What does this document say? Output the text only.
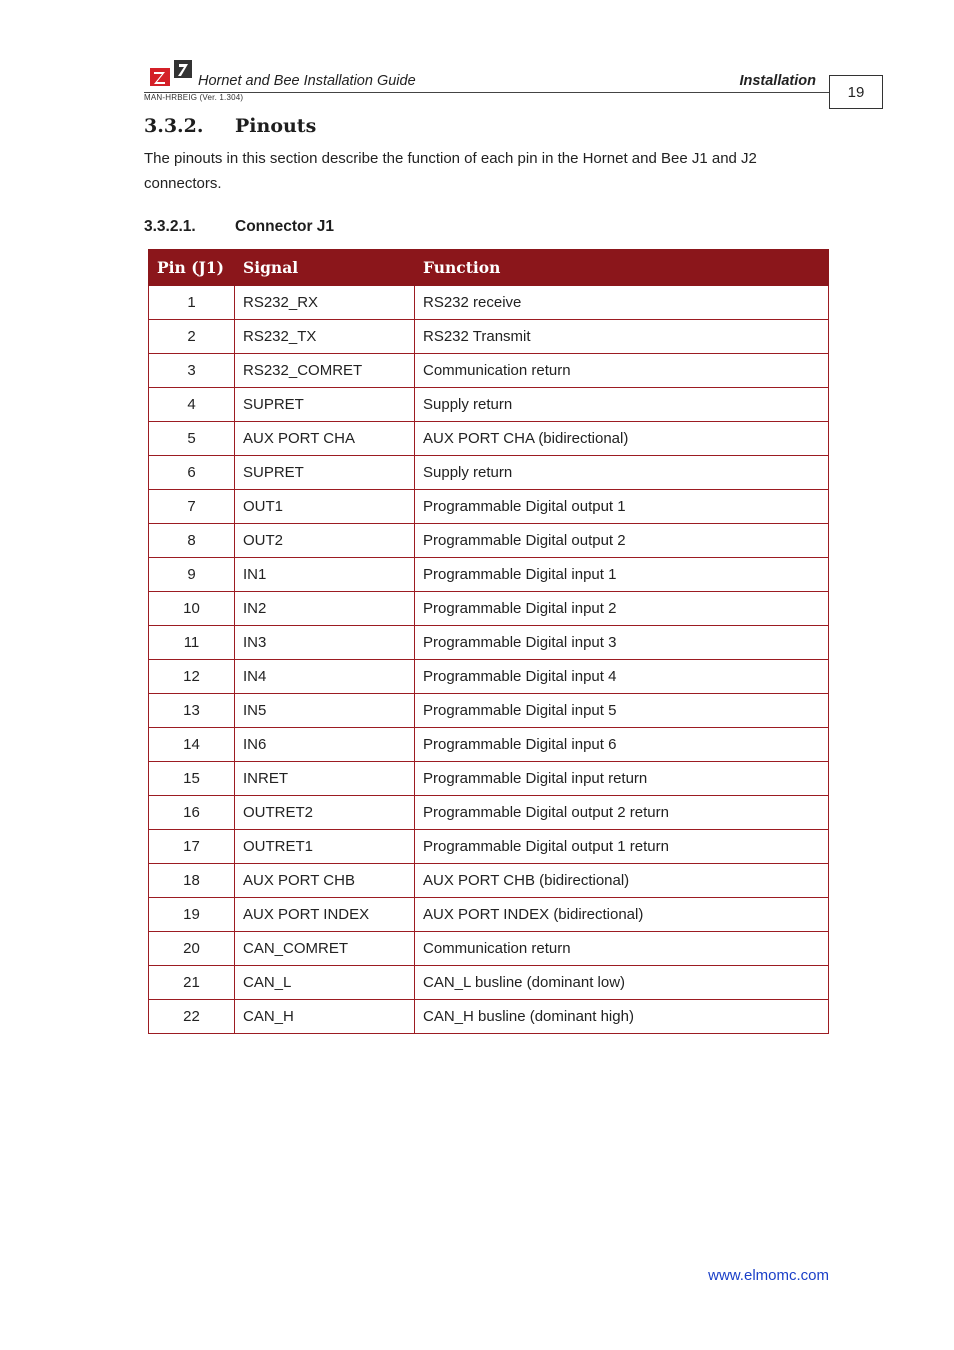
Hornet and Bee Installation Guide	Installation
MAN-HRBEIG (Ver. 1.304)	19
3.3.2. Pinouts

The pinouts in this section describe the function of each pin in the Hornet and Bee J1 and J2 connectors.

3.3.2.1.	Connector J1
Pin (J1)	Signal	Function
1	RS232_RX	RS232 receive
2	RS232_TX	RS232 Transmit
3	RS232_COMRET	Communication return
4	SUPRET	Supply return
5	AUX PORT CHA	AUX PORT CHA (bidirectional)
6	SUPRET	Supply return
7	OUT1	Programmable Digital output 1
8	OUT2	Programmable Digital output 2
9	IN1	Programmable Digital input 1
10	IN2	Programmable Digital input 2
11	IN3	Programmable Digital input 3
12	IN4	Programmable Digital input 4
13	IN5	Programmable Digital input 5
14	IN6	Programmable Digital input 6
15	INRET	Programmable Digital input return
16	OUTRET2	Programmable Digital output 2 return
17	OUTRET1	Programmable Digital output 1 return
18	AUX PORT CHB	AUX PORT CHB (bidirectional)
19	AUX PORT INDEX	AUX PORT INDEX (bidirectional)
20	CAN_COMRET	Communication return
21	CAN_L	CAN_L busline (dominant low)
22	CAN_H	CAN_H busline (dominant high)
www.elmomc.com
